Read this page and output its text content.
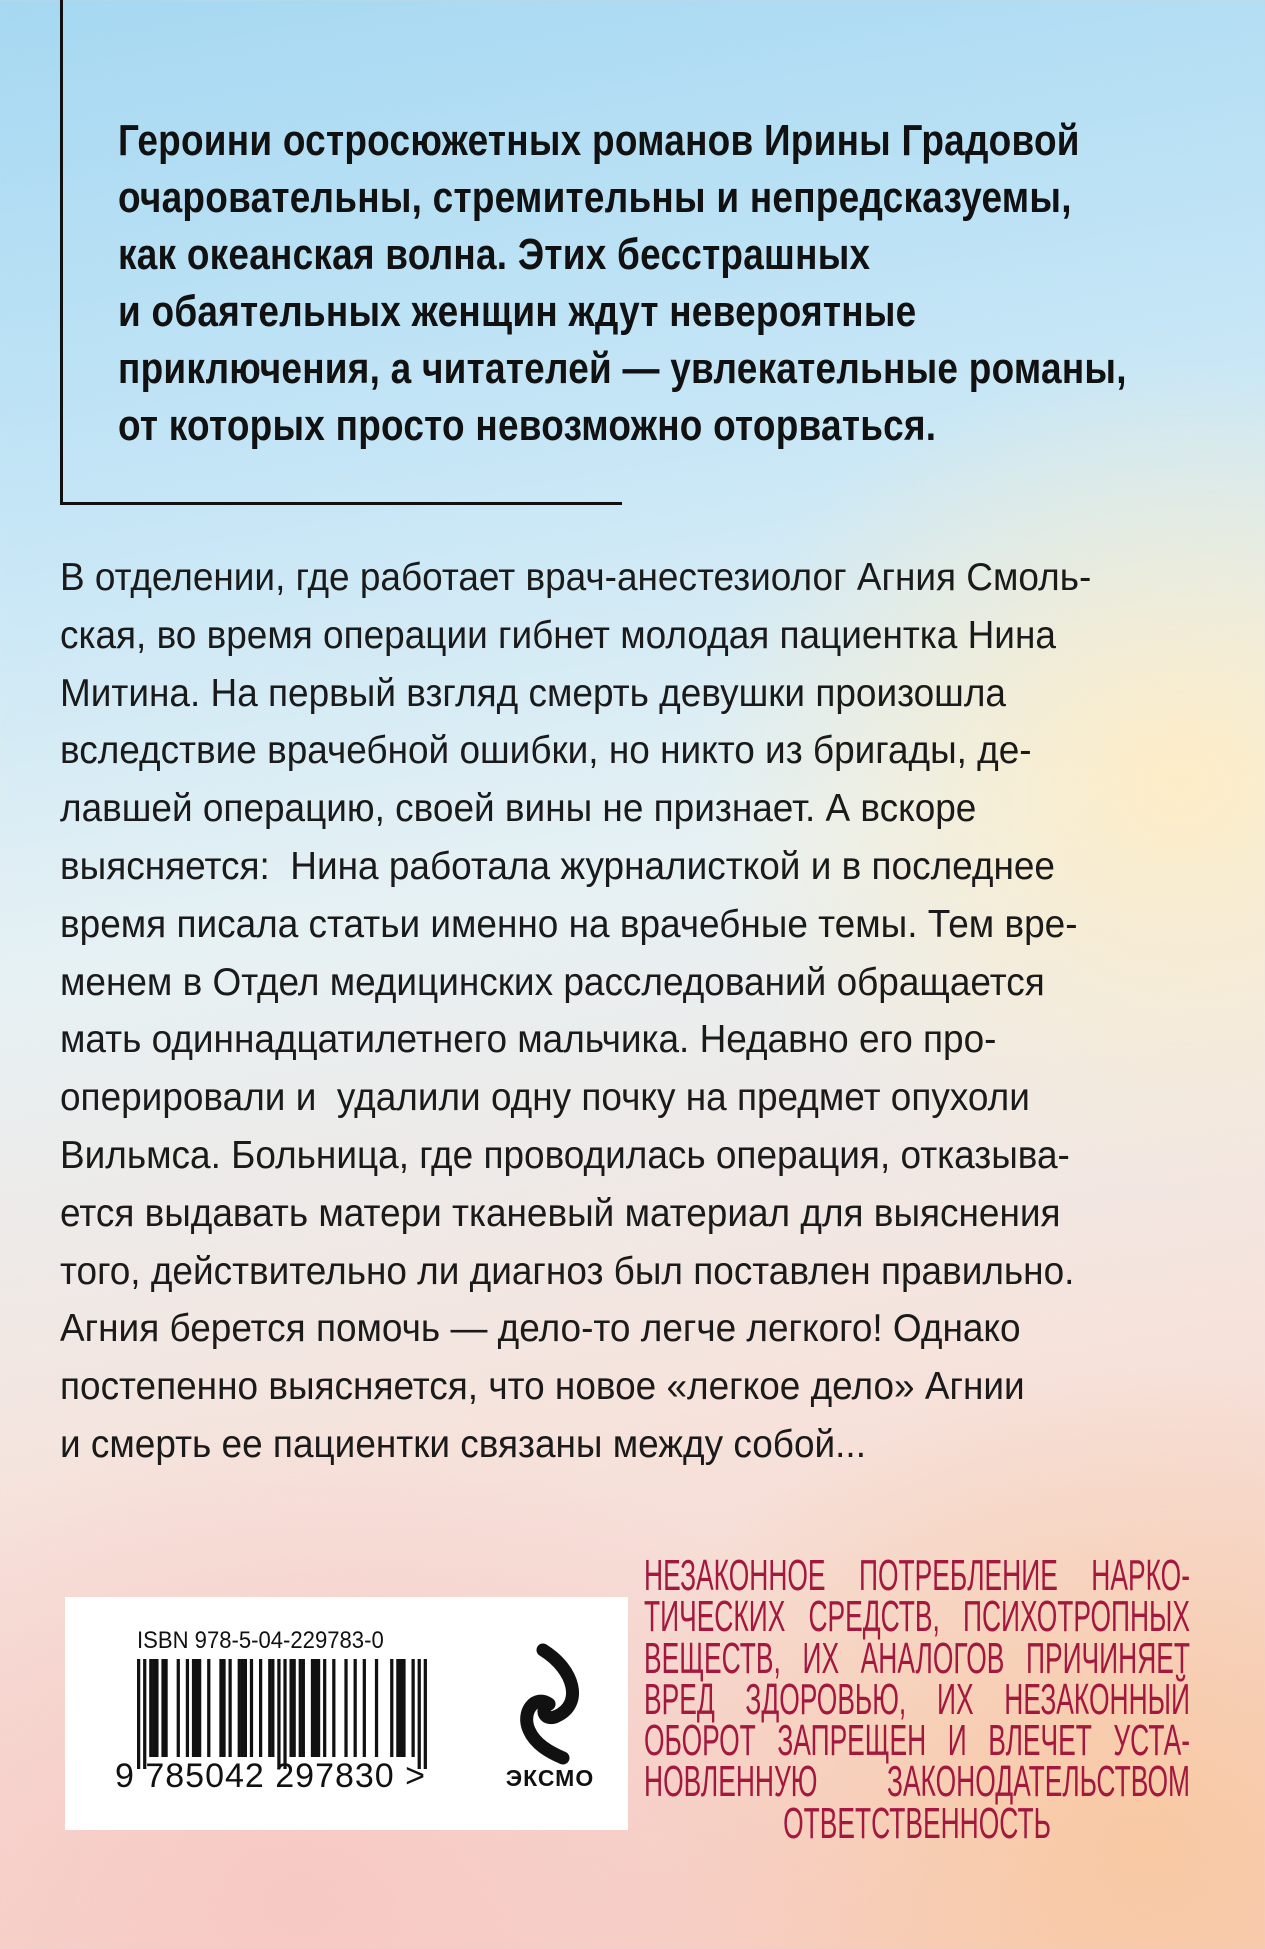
Героини остросюжетных романов Ирины Градовой
очаровательны, стремительны и непредсказуемы,
как океанская волна. Этих бесстрашных
и обаятельных женщин ждут невероятные
приключения, а читателей — увлекательные романы,
от которых просто невозможно оторваться.
В отделении, где работает врач-анестезиолог Агния Смоль-
ская, во время операции гибнет молодая пациентка Нина
Митина. На первый взгляд смерть девушки произошла
вследствие врачебной ошибки, но никто из бригады, де-
лавшей операцию, своей вины не признает. А вскоре
выясняется:  Нина работала журналисткой и в последнее
время писала статьи именно на врачебные темы. Тем вре-
менем в Отдел медицинских расследований обращается
мать одиннадцатилетнего мальчика. Недавно его про-
оперировали и  удалили одну почку на предмет опухоли
Вильмса. Больница, где проводилась операция, отказыва-
ется выдавать матери тканевый материал для выяснения
того, действительно ли диагноз был поставлен правильно.
Агния берется помочь — дело-то легче легкого! Однако
постепенно выясняется, что новое «легкое дело» Агнии
и смерть ее пациентки связаны между собой...
ISBN 978-5-04-229783-0
9 785042 297830 >	ЭКСМО
НЕЗАКОННОЕ ПОТРЕБЛЕНИЕ НАРКО-
ТИЧЕСКИХ СРЕДСТВ, ПСИХОТРОПНЫХ
ВЕЩЕСТВ, ИХ АНАЛОГОВ ПРИЧИНЯЕТ
ВРЕД ЗДОРОВЬЮ, ИХ НЕЗАКОННЫЙ
ОБОРОТ ЗАПРЕЩЕН И ВЛЕЧЕТ УСТА-
НОВЛЕННУЮ ЗАКОНОДАТЕЛЬСТВОМ
ОТВЕТСТВЕННОСТЬ
